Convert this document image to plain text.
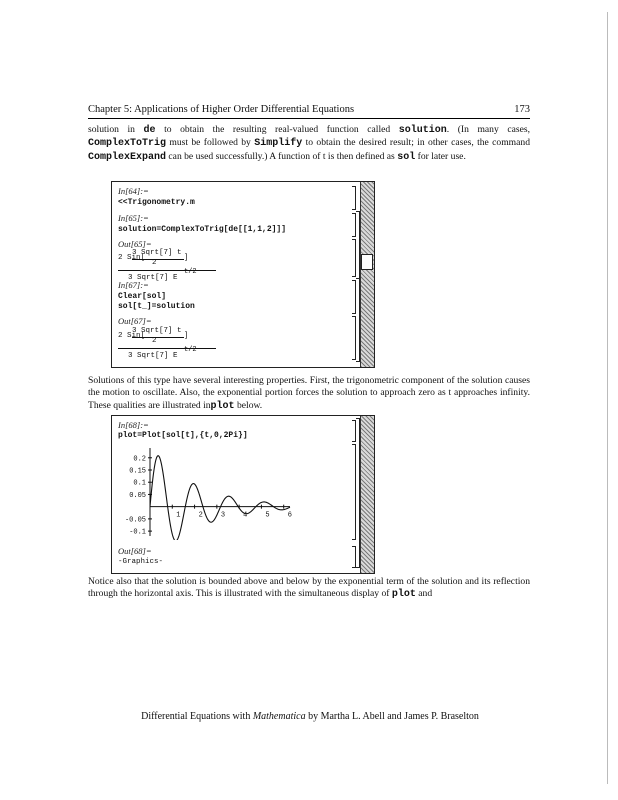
Chapter 5: Applications of Higher Order Differential Equations	173
solution in de to obtain the resulting real-valued function called solution. (In many cases, ComplexToTrig must be followed by Simplify to obtain the desired result; in other cases, the command ComplexExpand can be used successfully.) A function of t is then defined as sol for later use.
In[64]:=
<<Trigonometry.m
In[65]:=
solution=ComplexToTrig[de[[1,1,2]]]
Out[65]=
3 Sqrt[7] t
2 Sin[
2
]
3 Sqrt[7] E
t/2
In[67]:=
Clear[sol]
sol[t_]=solution
Out[67]=
3 Sqrt[7] t
2 Sin[
2
]
3 Sqrt[7] E
t/2
Solutions of this type have several interesting properties. First, the trigonometric component of the solution causes the motion to oscillate. Also, the exponential portion forces the solution to approach zero as t approaches infinity. These qualities are illustrated inplot below.
In[68]:=
plot=Plot[sol[t],{t,0,2Pi}]
1	2	3	4	5	6
-0.1
-0.05
0.05
0.1
0.15
0.2
Out[68]=
-Graphics-
Notice also that the solution is bounded above and below by the exponential term of the solution and its reflection through the horizontal axis. This is illustrated with the simultaneous display of plot and
Differential Equations with Mathematica by Martha L. Abell and James P. Braselton
